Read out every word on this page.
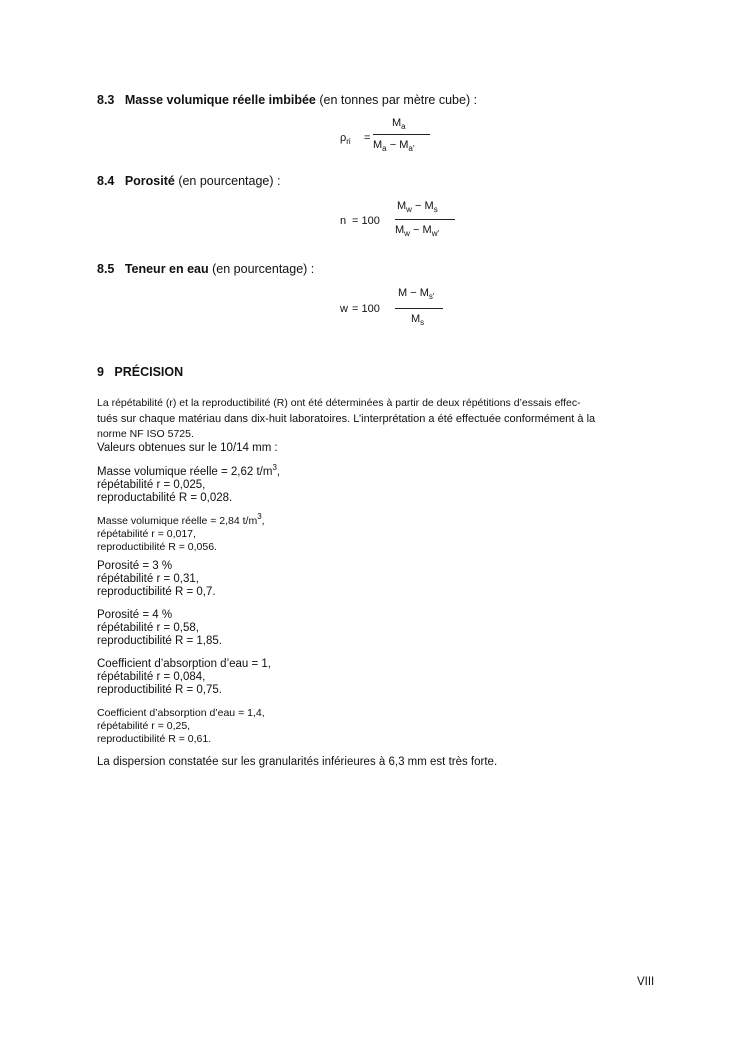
8.3 Masse volumique réelle imbibée (en tonnes par mètre cube) :
$\rho_{ri}$ =
$M_a$
$M_a - M_{a'}$
8.4 Porosité (en pourcentage) :
n = 100
$M_w - M_s$
$M_w - M_{w'}$
8.5 Teneur en eau (en pourcentage) :
w = 100
$M - M_{s'}$
$M_s$
9 PRÉCISION
La répétabilité (r) et la reproductibilité (R) ont été déterminées à partir de deux répétitions d’essais effec-
tués sur chaque matériau dans dix-huit laboratoires. L’interprétation a été effectuée conformément à la
norme NF ISO 5725.
Valeurs obtenues sur le 10/14 mm :
Masse volumique réelle = 2,62 $t/m^3$,
répétabilité r = 0,025,
reproductabilité R = 0,028.
Masse volumique réelle = 2,84 $t/m^3$,
répétabilité r = 0,017,
reproductibilité R = 0,056.
Porosité = 3 %
répétabilité r = 0,31,
reproductibilité R = 0,7.
Porosité = 4 %
répétabilité r = 0,58,
reproductibilité R = 1,85.
Coefficient d’absorption d’eau = 1,
répétabilité r = 0,084,
reproductibilité R = 0,75.
Coefficient d’absorption d’eau = 1,4,
répétabilité r = 0,25,
reproductibilité R = 0,61.
La dispersion constatée sur les granularités inférieures à 6,3 mm est très forte.
VIII
